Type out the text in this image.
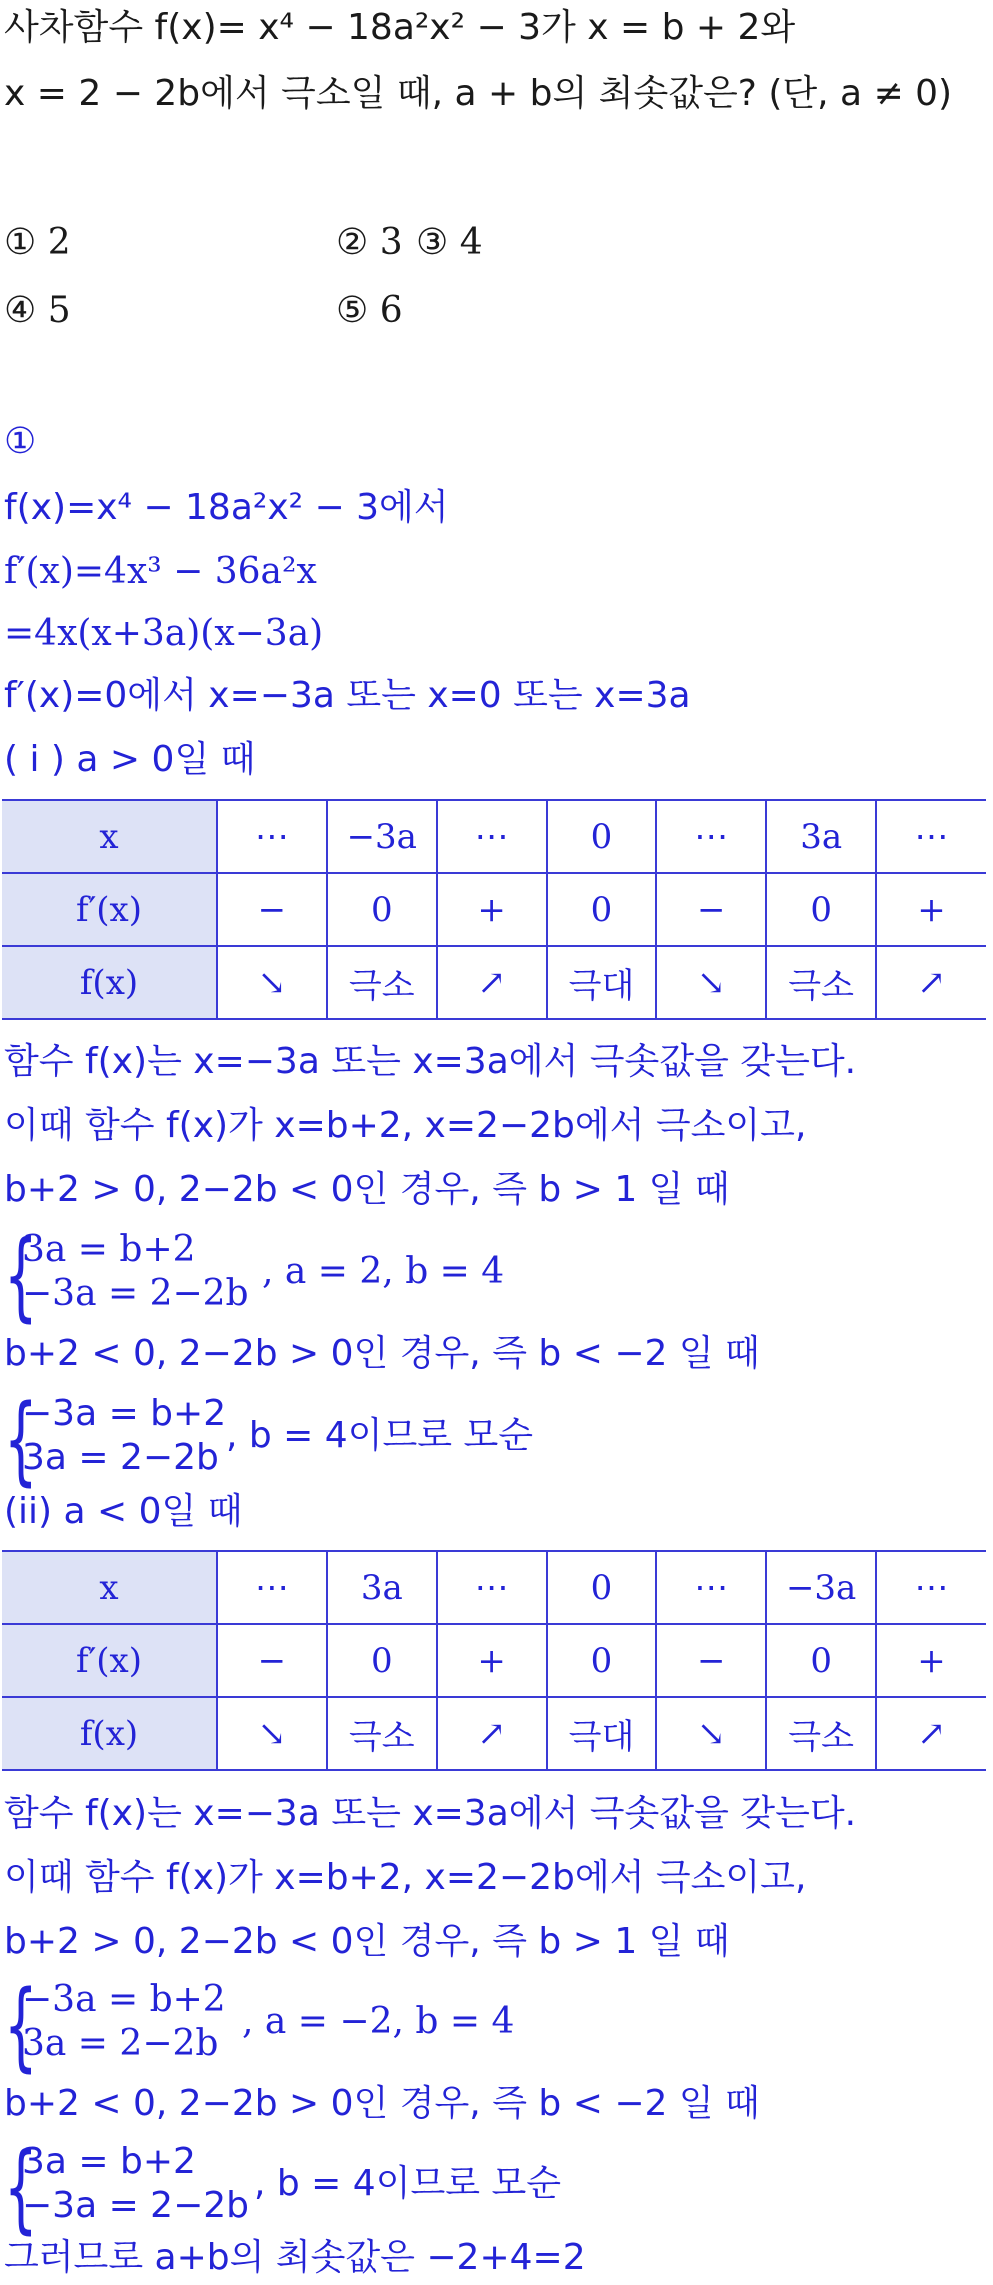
사차함수 f(x)= x⁴ − 18a²x² − 3가 x = b + 2와
x = 2 − 2b에서 극소일 때, a + b의 최솟값은? (단, a ≠ 0)
① 2	② 3 ③ 4
④ 5	⑤ 6
①
f(x)=x⁴ − 18a²x² − 3에서
f′(x)=4x³ − 36a²x
=4x(x+3a)(x−3a)
f′(x)=0에서 x=−3a 또는 x=0 또는 x=3a
( i ) a > 0일 때
x	⋯	−3a	⋯	0	⋯	3a	⋯
f′(x)	−	0	+	0	−	0	+
f(x)	↘	극소	↗	극대	↘	극소	↗
함수 f(x)는 x=−3a 또는 x=3a에서 극솟값을 갖는다.
이때 함수 f(x)가 x=b+2, x=2−2b에서 극소이고,
b+2 > 0, 2−2b < 0인 경우, 즉 b > 1 일 때
{
3a = b+2
−3a = 2−2b
, a = 2, b = 4
b+2 < 0, 2−2b > 0인 경우, 즉 b < −2 일 때
{
−3a = b+2
3a = 2−2b
, b = 4이므로 모순
(ii) a < 0일 때
x	⋯	3a	⋯	0	⋯	−3a	⋯
f′(x)	−	0	+	0	−	0	+
f(x)	↘	극소	↗	극대	↘	극소	↗
함수 f(x)는 x=−3a 또는 x=3a에서 극솟값을 갖는다.
이때 함수 f(x)가 x=b+2, x=2−2b에서 극소이고,
b+2 > 0, 2−2b < 0인 경우, 즉 b > 1 일 때
{
−3a = b+2
3a = 2−2b
, a = −2, b = 4
b+2 < 0, 2−2b > 0인 경우, 즉 b < −2 일 때
{
3a = b+2
−3a = 2−2b
, b = 4이므로 모순
그러므로 a+b의 최솟값은 −2+4=2
